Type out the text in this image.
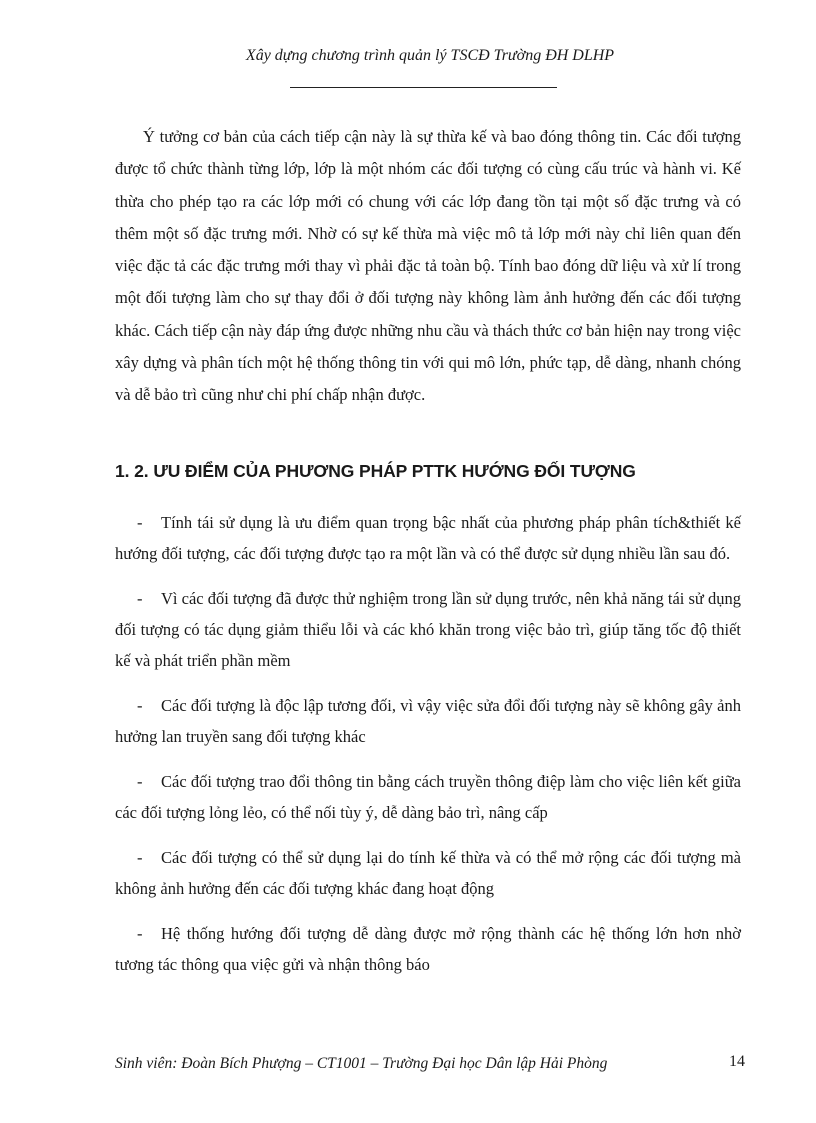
Xây dựng chương trình quản lý TSCĐ Trường ĐH DLHP

Ý tưởng cơ bản của cách tiếp cận này là sự thừa kế và bao đóng thông tin. Các đối tượng được tổ chức thành từng lớp, lớp là một nhóm các đối tượng có cùng cấu trúc và hành vi. Kế thừa cho phép tạo ra các lớp mới có chung với các lớp đang tồn tại một số đặc trưng và có thêm một số đặc trưng mới. Nhờ có sự kế thừa mà việc mô tả lớp mới này chỉ liên quan đến việc đặc tả các đặc trưng mới thay vì phải đặc tả toàn bộ. Tính bao đóng dữ liệu và xử lí trong một đối tượng làm cho sự thay đổi ở đối tượng này không làm ảnh hưởng đến các đối tượng khác. Cách tiếp cận này đáp ứng được những nhu cầu và thách thức cơ bản hiện nay trong việc xây dựng và phân tích một hệ thống thông tin với qui mô lớn, phức tạp, dễ dàng, nhanh chóng và dễ bảo trì cũng như chi phí chấp nhận được.

1. 2. ƯU ĐIỂM CỦA PHƯƠNG PHÁP PTTK HƯỚNG ĐỐI TƯỢNG

- Tính tái sử dụng là ưu điểm quan trọng bậc nhất của phương pháp phân tích&thiết kế hướng đối tượng, các đối tượng được tạo ra một lần và có thể được sử dụng nhiều lần sau đó.

- Vì các đối tượng đã được thử nghiệm trong lần sử dụng trước, nên khả năng tái sử dụng đối tượng có tác dụng giảm thiểu lỗi và các khó khăn trong việc bảo trì, giúp tăng tốc độ thiết kế và phát triển phần mềm

- Các đối tượng là độc lập tương đối, vì vậy việc sửa đổi đối tượng này sẽ không gây ảnh hưởng lan truyền sang đối tượng khác

- Các đối tượng trao đổi thông tin bằng cách truyền thông điệp làm cho việc liên kết giữa các đối tượng lỏng lẻo, có thể nối tùy ý, dễ dàng bảo trì, nâng cấp

- Các đối tượng có thể sử dụng lại do tính kế thừa và có thể mở rộng các đối tượng mà không ảnh hưởng đến các đối tượng khác đang hoạt động

- Hệ thống hướng đối tượng dễ dàng được mở rộng thành các hệ thống lớn hơn nhờ tương tác thông qua việc gửi và nhận thông báo

Sinh viên: Đoàn Bích Phượng – CT1001 – Trường Đại học Dân lập Hải Phòng	14
